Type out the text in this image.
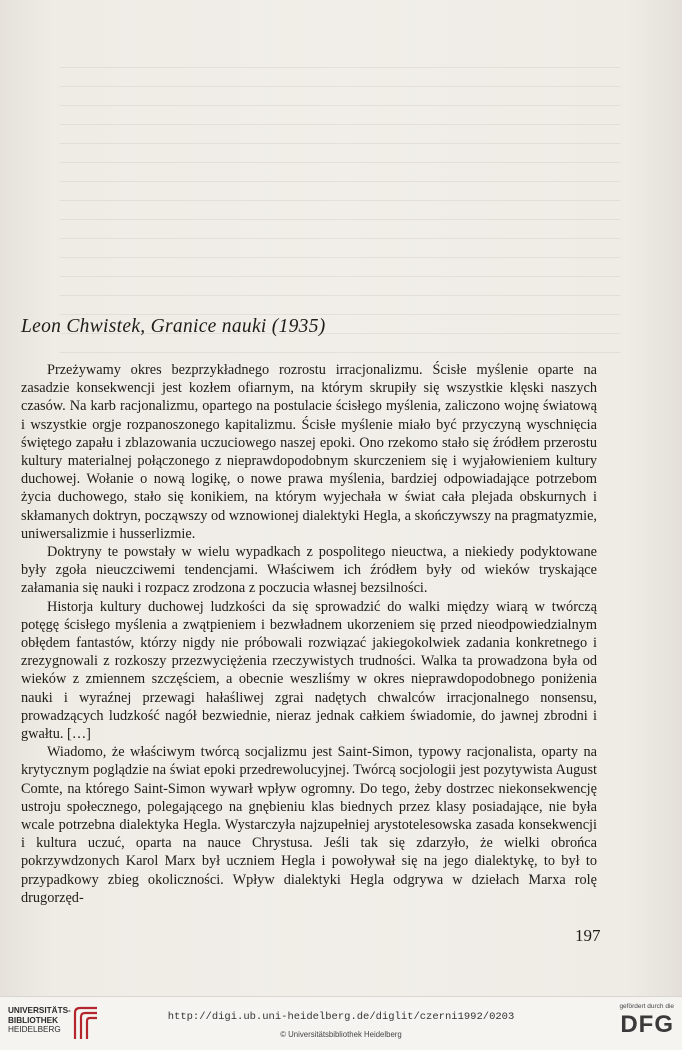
Leon Chwistek, Granice nauki (1935)

Przeżywamy okres bezprzykładnego rozrostu irracjonalizmu. Ścisłe myślenie oparte na zasadzie konsekwencji jest kozłem ofiarnym, na którym skrupiły się wszystkie klęski naszych czasów. Na karb racjonalizmu, opartego na postulacie ścisłego myślenia, zaliczono wojnę światową i wszystkie orgje rozpanoszonego kapitalizmu. Ścisłe myślenie miało być przyczyną wyschnięcia świętego zapału i zblazowania uczuciowego naszej epoki. Ono rzekomo stało się źródłem przerostu kultury materialnej połączonego z nieprawdopodobnym skurczeniem się i wyjałowieniem kultury duchowej. Wołanie o nową logikę, o nowe prawa myślenia, bardziej odpowiadające potrzebom życia duchowego, stało się konikiem, na którym wyjechała w świat cała plejada obskurnych i skłamanych doktryn, począwszy od wznowionej dialektyki Hegla, a skończywszy na pragmatyzmie, uniwersalizmie i husserlizmie.

Doktryny te powstały w wielu wypadkach z pospolitego nieuctwa, a niekiedy podyktowane były zgoła nieuczciwemi tendencjami. Właściwem ich źródłem były od wieków tryskające załamania się nauki i rozpacz zrodzona z poczucia własnej bezsilności.

Historja kultury duchowej ludzkości da się sprowadzić do walki między wiarą w twórczą potęgę ścisłego myślenia a zwątpieniem i bezwładnem ukorzeniem się przed nieodpowiedzialnym obłędem fantastów, którzy nigdy nie próbowali rozwiązać jakiegokolwiek zadania konkretnego i zrezygnowali z rozkoszy przezwyciężenia rzeczywistych trudności. Walka ta prowadzona była od wieków z zmiennem szczęściem, a obecnie weszliśmy w okres nieprawdopodobnego poniżenia nauki i wyraźnej przewagi hałaśliwej zgrai nadętych chwalców irracjonalnego nonsensu, prowadzących ludzkość nagół bezwiednie, nieraz jednak całkiem świadomie, do jawnej zbrodni i gwałtu. […]

Wiadomo, że właściwym twórcą socjalizmu jest Saint-Simon, typowy racjonalista, oparty na krytycznym poglądzie na świat epoki przedrewolucyjnej. Twórcą socjologii jest pozytywista August Comte, na którego Saint-Simon wywarł wpływ ogromny. Do tego, żeby dostrzec niekonsekwencję ustroju społecznego, polegającego na gnębieniu klas biednych przez klasy posiadające, nie była wcale potrzebna dialektyka Hegla. Wystarczyła najzupełniej arystotelesowska zasada konsekwencji i kultura uczuć, oparta na nauce Chrystusa. Jeśli tak się zdarzyło, że wielki obrońca pokrzywdzonych Karol Marx był uczniem Hegla i powoływał się na jego dialektykę, to był to przypadkowy zbieg okoliczności. Wpływ dialektyki Hegla odgrywa w dziełach Marxa rolę drugorzęd-

197
UNIVERSITÄTS-
BIBLIOTHEK
HEIDELBERG
http://digi.ub.uni-heidelberg.de/diglit/czerni1992/0203
© Universitätsbibliothek Heidelberg
gefördert durch die
DFG
